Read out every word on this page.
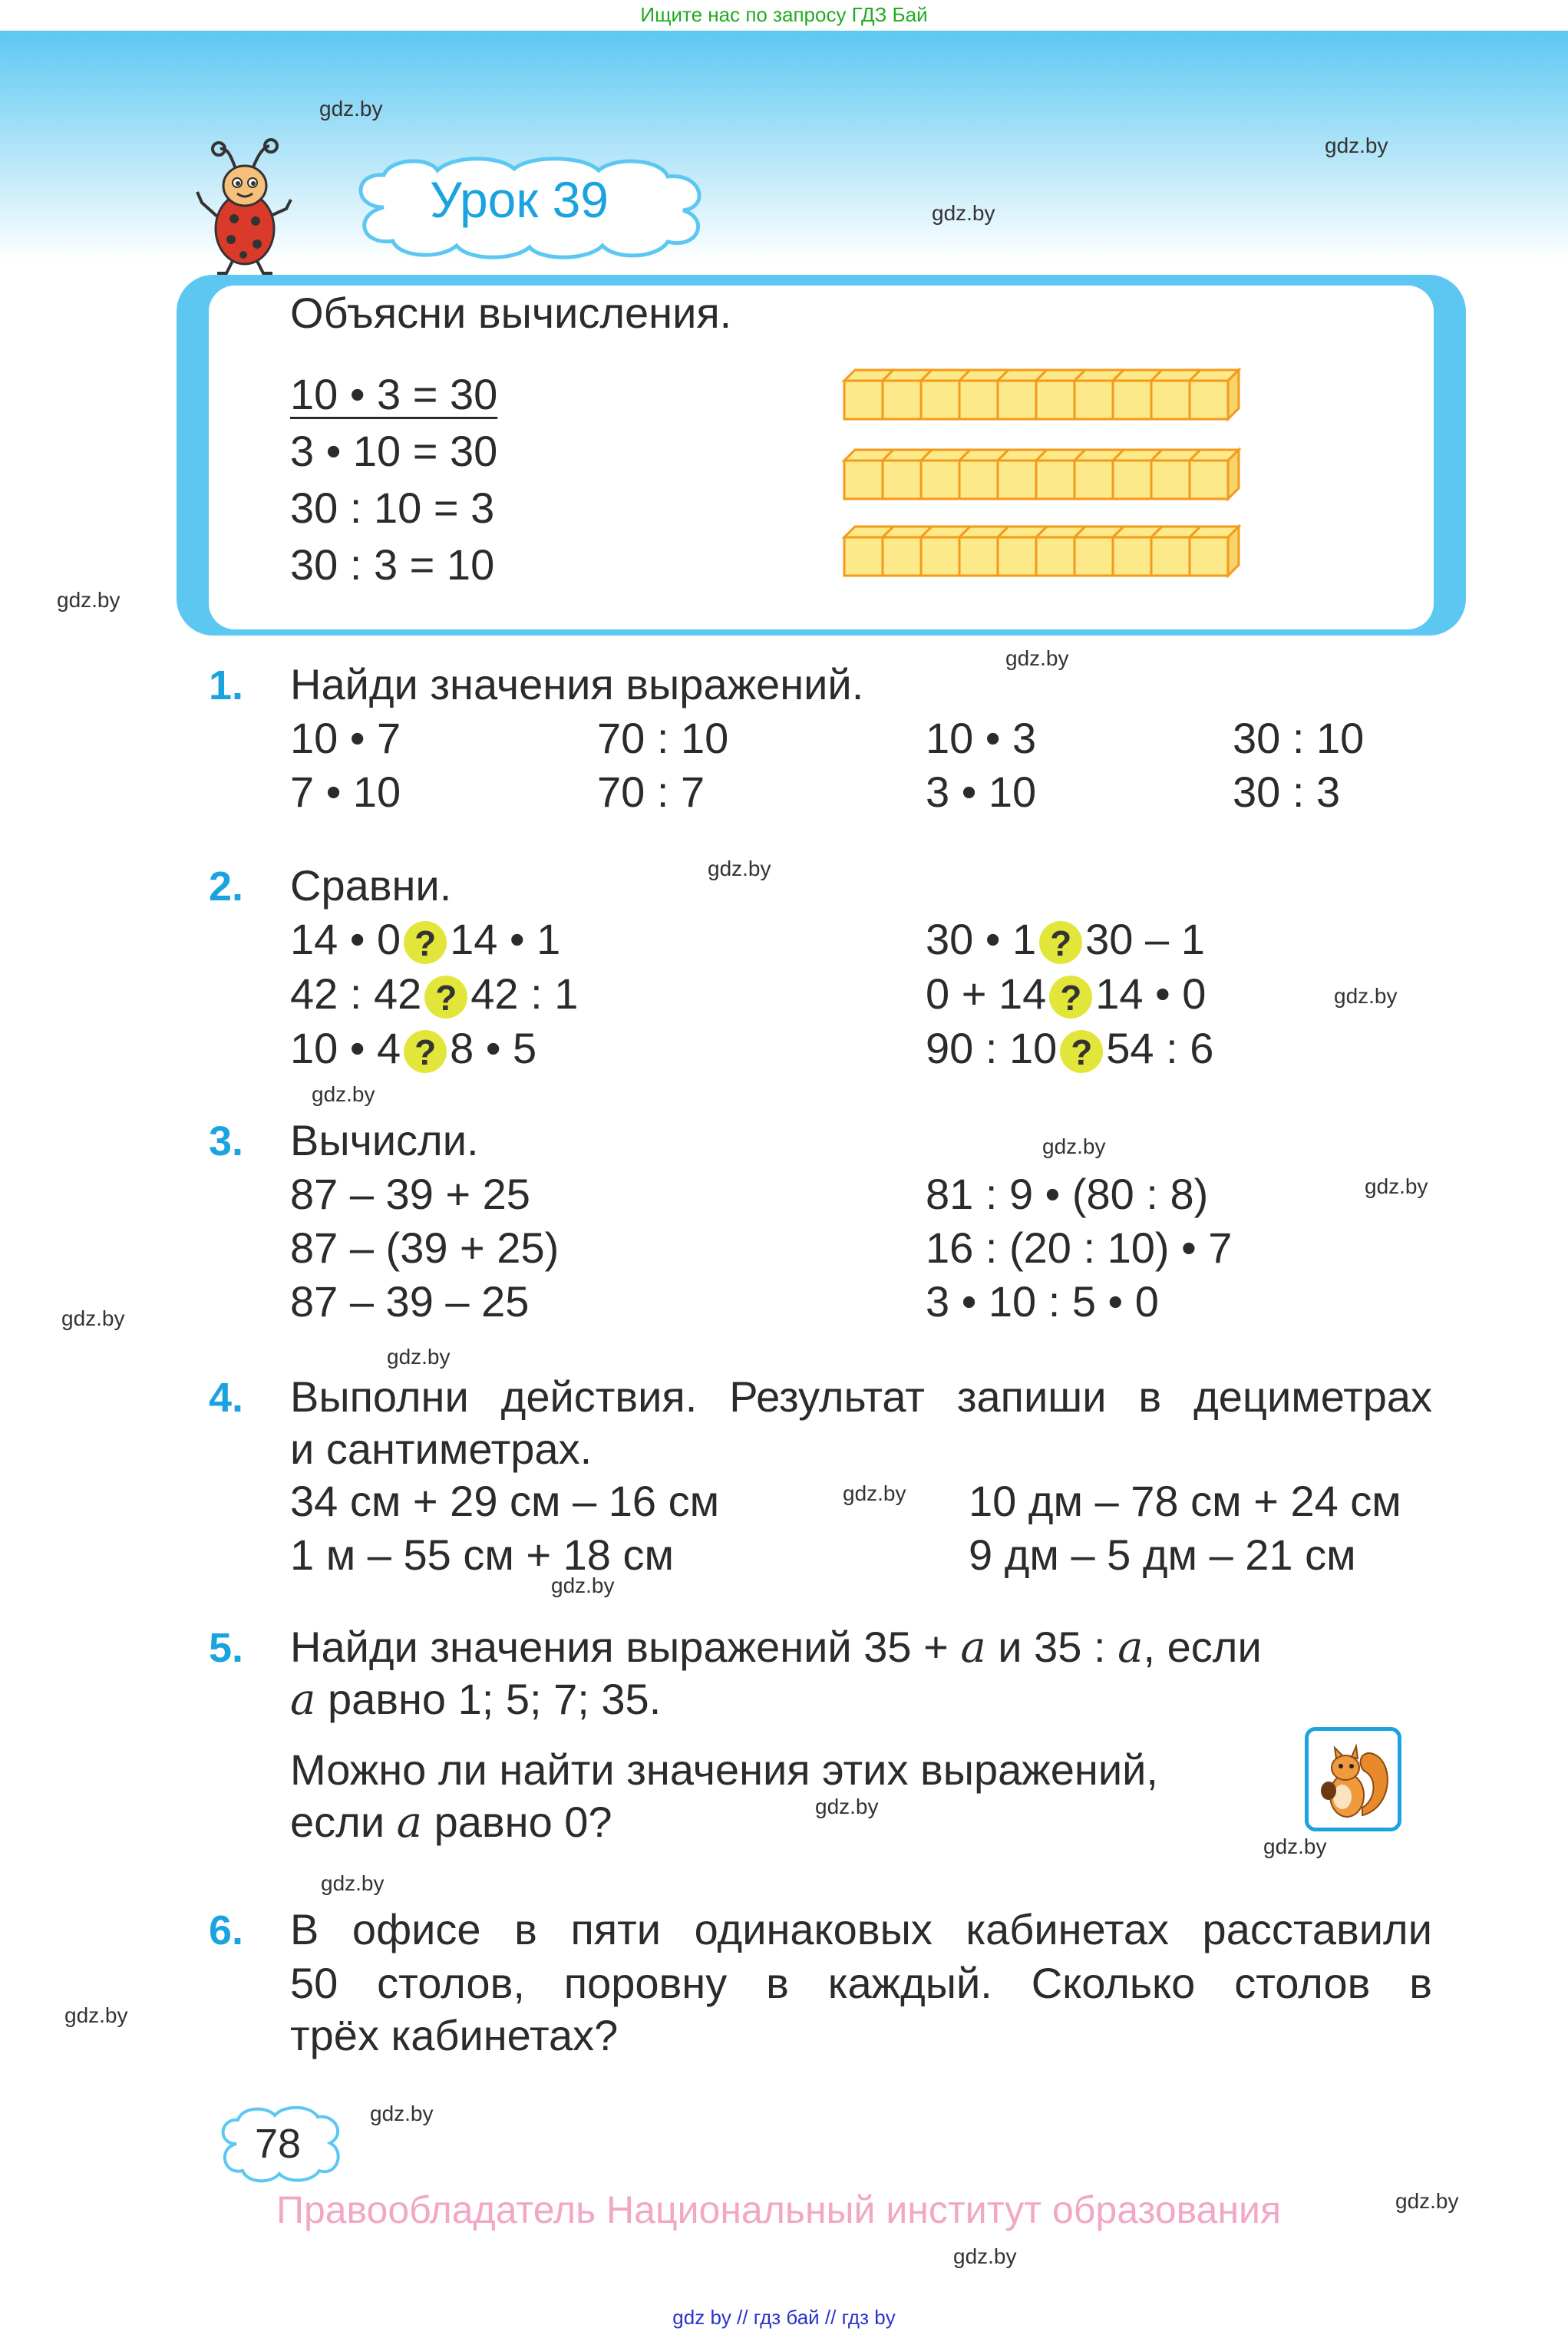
Ищите нас по запросу ГДЗ Бай
gdz.by
gdz.by
gdz.by
gdz.by
gdz.by
gdz.by
gdz.by
gdz.by
gdz.by
gdz.by
gdz.by
gdz.by
gdz.by
gdz.by
gdz.by
gdz.by
gdz.by
gdz.by
gdz.by
gdz.by
gdz.by
Урок 39
Объясни вычисления.
10 • 3 = 30
3 • 10 = 30
30 : 10 = 3
30 : 3 = 10
1. Найди значения выражений.
10 • 7	70 : 10	10 • 3	30 : 10
7 • 10	70 : 7	3 • 10	30 : 3
2. Сравни.
14 • 0 ? 14 • 1
42 : 42 ? 42 : 1
10 • 4 ? 8 • 5
30 • 1 ? 30 – 1
0 + 14 ? 14 • 0
90 : 10 ? 54 : 6
3. Вычисли.
87 – 39 + 25
87 – (39 + 25)
87 – 39 – 25
81 : 9 • (80 : 8)
16 : (20 : 10) • 7
3 • 10 : 5 • 0
4. Выполни действия. Результат запиши в дециметрах
и сантиметрах.
34 см + 29 см – 16 см
1 м – 55 см + 18 см
10 дм – 78 см + 24 см
9 дм – 5 дм – 21 см
5. Найди значения выражений 35 + a и 35 : a, если
a равно 1; 5; 7; 35.
Можно ли найти значения этих выражений,
если a равно 0?
6. В офисе в пяти одинаковых кабинетах расставили
50 столов, поровну в каждый. Сколько столов в
трёх кабинетах?
78
Правообладатель Национальный институт образования
gdz by // гдз бай // гдз by
